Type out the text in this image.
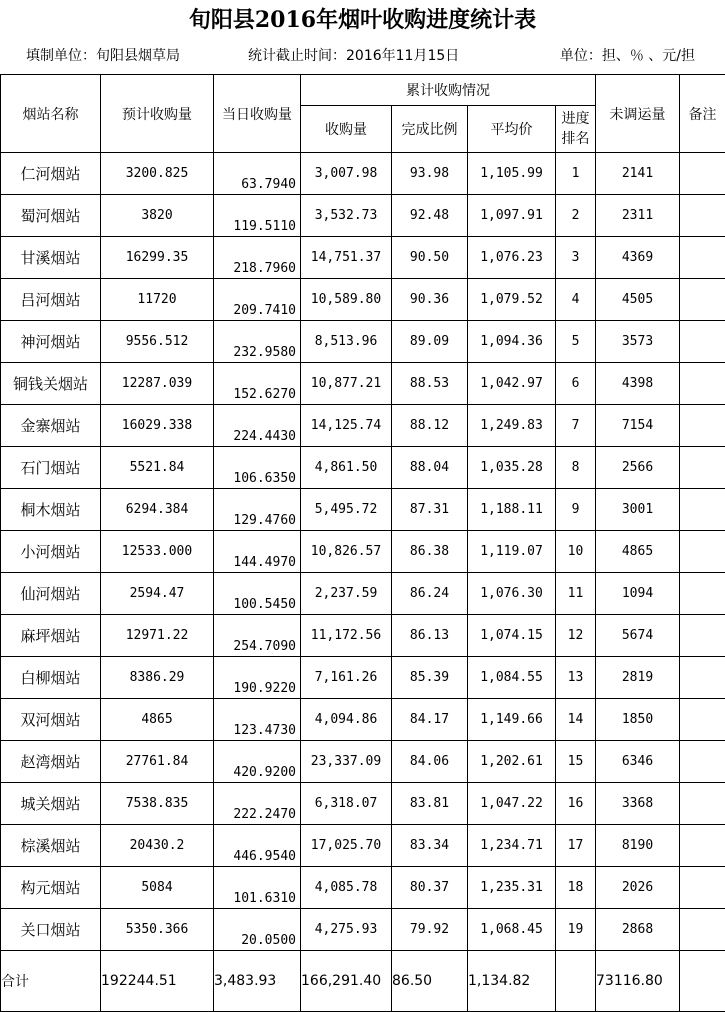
旬阳县2016年烟叶收购进度统计表
填制单位：旬阳县烟草局	统计截止时间：2016年11月15日	单位：担、％ 、元/担
烟站名称	预计收购量	当日收购量	累计收购情况				未调运量	备注
			收购量	完成比例	平均价	进度排名		
仁河烟站	3200.825	63.7940	3,007.98	93.98	1,105.99	1	2141	
蜀河烟站	3820	119.5110	3,532.73	92.48	1,097.91	2	2311	
甘溪烟站	16299.35	218.7960	14,751.37	90.50	1,076.23	3	4369	
吕河烟站	11720	209.7410	10,589.80	90.36	1,079.52	4	4505	
神河烟站	9556.512	232.9580	8,513.96	89.09	1,094.36	5	3573	
铜钱关烟站	12287.039	152.6270	10,877.21	88.53	1,042.97	6	4398	
金寨烟站	16029.338	224.4430	14,125.74	88.12	1,249.83	7	7154	
石门烟站	5521.84	106.6350	4,861.50	88.04	1,035.28	8	2566	
桐木烟站	6294.384	129.4760	5,495.72	87.31	1,188.11	9	3001	
小河烟站	12533.000	144.4970	10,826.57	86.38	1,119.07	10	4865	
仙河烟站	2594.47	100.5450	2,237.59	86.24	1,076.30	11	1094	
麻坪烟站	12971.22	254.7090	11,172.56	86.13	1,074.15	12	5674	
白柳烟站	8386.29	190.9220	7,161.26	85.39	1,084.55	13	2819	
双河烟站	4865	123.4730	4,094.86	84.17	1,149.66	14	1850	
赵湾烟站	27761.84	420.9200	23,337.09	84.06	1,202.61	15	6346	
城关烟站	7538.835	222.2470	6,318.07	83.81	1,047.22	16	3368	
棕溪烟站	20430.2	446.9540	17,025.70	83.34	1,234.71	17	8190	
构元烟站	5084	101.6310	4,085.78	80.37	1,235.31	18	2026	
关口烟站	5350.366	20.0500	4,275.93	79.92	1,068.45	19	2868	
合计	192244.51	3,483.93	166,291.40	86.50	1,134.82		73116.80	
